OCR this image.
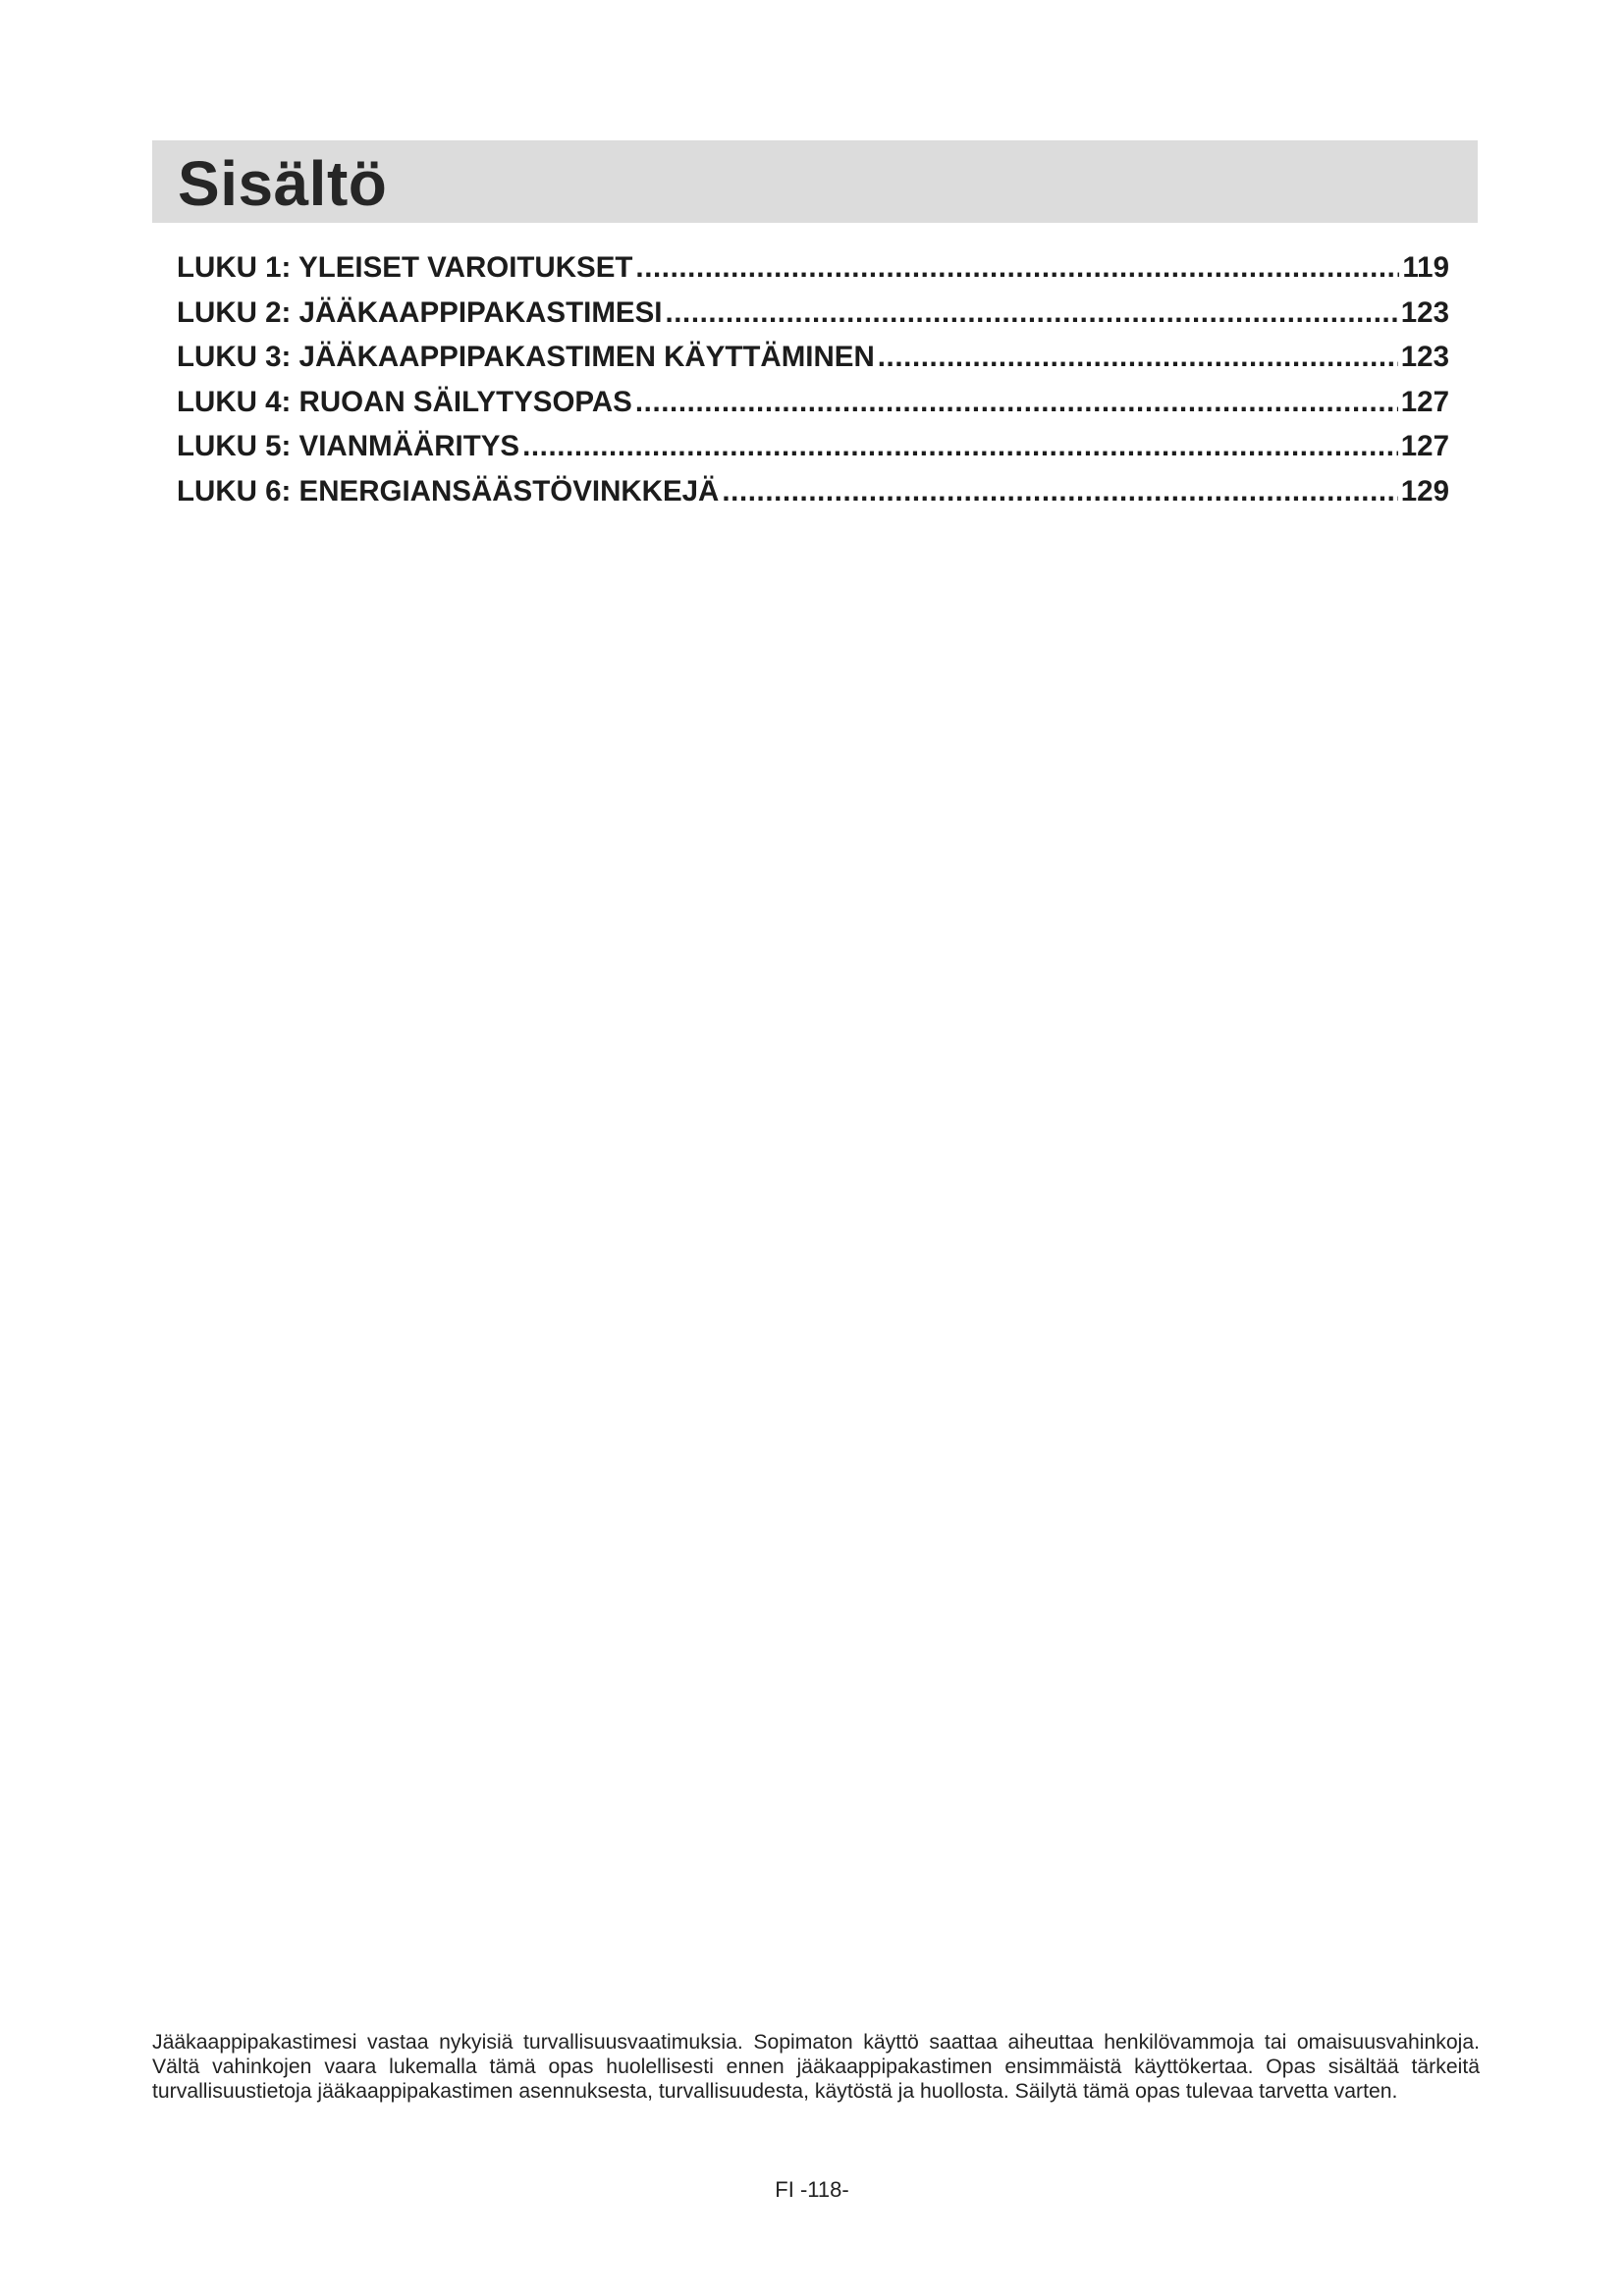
Sisältö
LUKU 1: YLEISET VAROITUKSET .....	119
LUKU 2: JÄÄKAAPPIPAKASTIMESI .....	123
LUKU 3: JÄÄKAAPPIPAKASTIMEN KÄYTTÄMINEN .....	123
LUKU 4: RUOAN SÄILYTYSOPAS .....	127
LUKU 5: VIANMÄÄRITYS .....	127
LUKU 6: ENERGIANSÄÄSTÖVINKKEJÄ .....	129

Jääkaappipakastimesi vastaa nykyisiä turvallisuusvaatimuksia. Sopimaton käyttö saattaa aiheuttaa henkilövammoja tai omaisuusvahinkoja. Vältä vahinkojen vaara lukemalla tämä opas huolellisesti ennen jääkaappipakastimen ensimmäistä käyttökertaa. Opas sisältää tärkeitä turvallisuustietoja jääkaappipakastimen asennuksesta, turvallisuudesta, käytöstä ja huollosta. Säilytä tämä opas tulevaa tarvetta varten.

FI -118-
